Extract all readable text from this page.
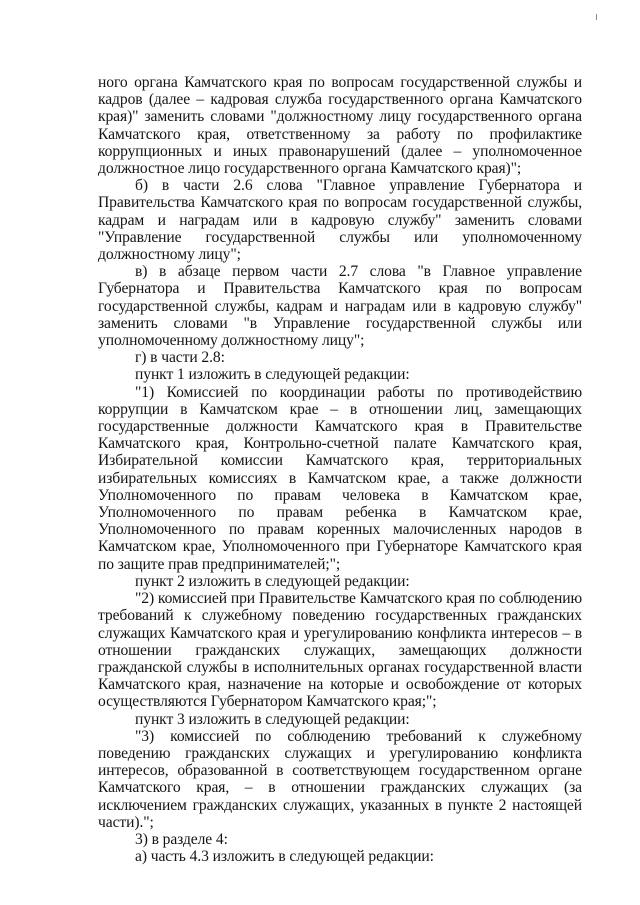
ного органа Камчатского края по вопросам государственной службы и кадров (далее – кадровая служба государственного органа Камчатского края)" заменить словами "должностному лицу государственного органа Камчатского края, ответственному за работу по профилактике коррупционных и иных правонарушений (далее – уполномоченное должностное лицо государственного органа Камчатского края)";

б) в части 2.6 слова "Главное управление Губернатора и Правительства Камчатского края по вопросам государственной службы, кадрам и наградам или в кадровую службу" заменить словами "Управление государственной службы или уполномоченному должностному лицу";

в) в абзаце первом части 2.7 слова "в Главное управление Губернатора и Правительства Камчатского края по вопросам государственной службы, кадрам и наградам или в кадровую службу" заменить словами "в Управление государственной службы или уполномоченному должностному лицу";

г) в части 2.8:

пункт 1 изложить в следующей редакции:

"1) Комиссией по координации работы по противодействию коррупции в Камчатском крае – в отношении лиц, замещающих государственные должности Камчатского края в Правительстве Камчатского края, Контрольно-счетной палате Камчатского края, Избирательной комиссии Камчатского края, территориальных избирательных комиссиях в Камчатском крае, а также должности Уполномоченного по правам человека в Камчатском крае, Уполномоченного по правам ребенка в Камчатском крае, Уполномоченного по правам коренных малочисленных народов в Камчатском крае, Уполномоченного при Губернаторе Камчатского края по защите прав предпринимателей;";

пункт 2 изложить в следующей редакции:

"2) комиссией при Правительстве Камчатского края по соблюдению требований к служебному поведению государственных гражданских служащих Камчатского края и урегулированию конфликта интересов – в отношении гражданских служащих, замещающих должности гражданской службы в исполнительных органах государственной власти Камчатского края, назначение на которые и освобождение от которых осуществляются Губернатором Камчатского края;";

пункт 3 изложить в следующей редакции:

"3) комиссией по соблюдению требований к служебному поведению гражданских служащих и урегулированию конфликта интересов, образованной в соответствующем государственном органе Камчатского края, – в отношении гражданских служащих (за исключением гражданских служащих, указанных в пункте 2 настоящей части).";

3) в разделе 4:

а) часть 4.3 изложить в следующей редакции:
